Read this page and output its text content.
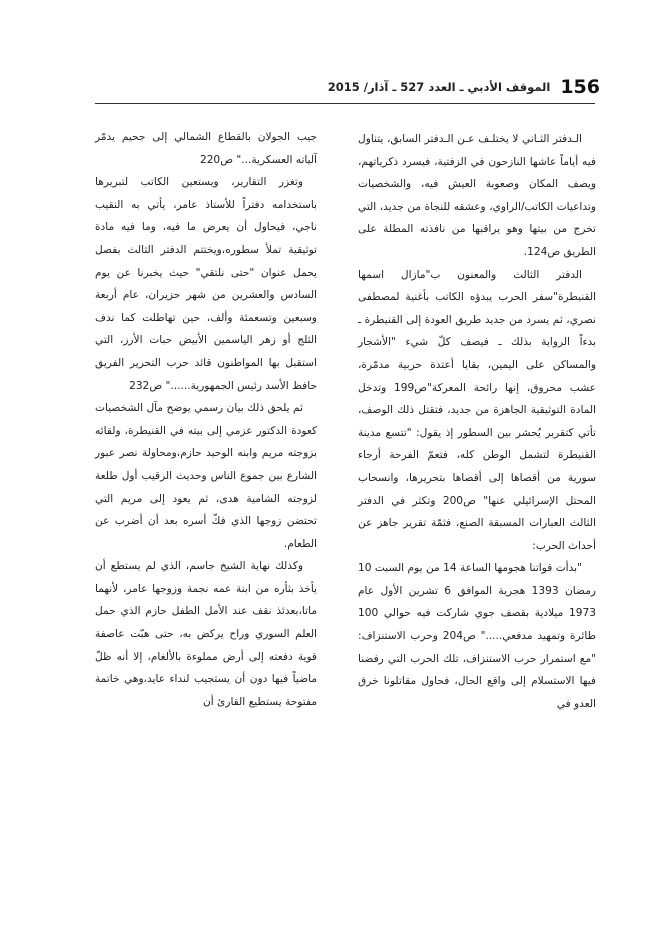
156
الموقف الأدبي ـ العدد 527 ـ آذار/ 2015

الـدفتر الثـاني لا يختلـف عـن الـدفتر السابق، يتناول فيه أياماً عاشها النازحون في الزفتية، فيسرد ذكرياتهم، ويصف المكان وصعوبة العيش فيه، والشخصيات وتداعيات الكاتب/الراوي، وعشقه للنجاة من جديد، التي تخرج من بيتها وهو يراقبها من نافذته المطلة على الطريق ص124.

الدفتر الثالث والمعنون ب"مازال اسمها القنيطرة"سفر الحرب يبدؤه الكاتب بأغنية لمصطفى نصري، ثم يسرد من جديد طريق العودة إلى القنيطرة ـ بدءاً الرواية بذلك ـ فيصف كلّ شيء "الأشجار والمساكن على اليمين، بقايا أعتدة حربية مدمّرة، عشب محروق، إنها رائحة المعركة"ص199 وتدخل المادة التوثيقية الجاهزة من جديد، فتقتل ذلك الوصف، تأتي كتقرير يُحشر بين السطور إذ يقول: "تتسع مدينة القنيطرة لتشمل الوطن كله، فتعمّ الفرحة أرجاء سورية من أقصاها إلى أقصاها بتحريرها، وانسحاب المحتل الإسرائيلي عنها" ص200 وتكثر في الدفتر الثالث العبارات المسبقة الصنع، فثمّة تقرير جاهز عن أحداث الحرب:

"بدأت قواتنا هجومها الساعة 14 من يوم السبت 10 رمضان 1393 هجرية الموافق 6 تشرين الأول عام 1973 ميلادية بقصف جوي شاركت فيه حوالي 100 طائرة وتمهيد مدفعي....." ص204 وحرب الاستنزاف: "مع استمرار حرب الاستنزاف، تلك الحرب التي رفضنا فيها الاستسلام إلى واقع الحال، فحاول مقاتلونا خرق العدو في

جيب الجولان بالقطاع الشمالي إلى جحيم يدمّر آلياته العسكرية..." ص220

وتغزر التقارير، ويستعين الكاتب لتبريرها باستخدامه دفتراً للأستاذ عامر، يأتي به النقيب ناجي، فيحاول أن يعرض ما فيه، وما فيه مادة توثيقية تملأ سطوره،ويختتم الدفتر الثالث بفصل يحمل عنوان "حتى نلتقي" حيث يخبرنا عن يوم السادس والعشرين من شهر حزيران، عام أربعة وسبعين وتسعمئة وألف، حين تهاطلت كما ندف الثلج أو زهر الياسمين الأبيض حبات الأرز، التي استقبل بها المواطنون قائد حرب التحرير الفريق حافظ الأسد رئيس الجمهورية......" ص232

ثم يلحق ذلك بيان رسمي يوضح مآل الشخصيات كعودة الدكتور عزمي إلى بيته في القنيطرة، ولقائه بزوجته مريم وابنه الوحيد حازم،ومحاولة نصر عبور الشارع بين جموع الناس وحديث الرقيب أول طلعة لزوجته الشامية هدى، ثم يعود إلى مريم التي تحتضن زوجها الذي فكّ أسره بعد أن أضرب عن الطعام.

وكذلك نهاية الشيخ جاسم، الذي لم يستطع أن يأخذ بثأره من ابنة عمه نجمة وزوجها عامر، لأنهما ماتا،بعدئذ نقف عند الأمل الطفل حازم الذي حمل العلم السوري وراح يركض به، حتى هبّت عاصفة قوية دفعته إلى أرض مملوءة بالألغام، إلا أنه ظلّ ماضياً فيها دون أن يستجيب لنداء عايد،وهي خاتمة مفتوحة يستطيع القارئ أن
